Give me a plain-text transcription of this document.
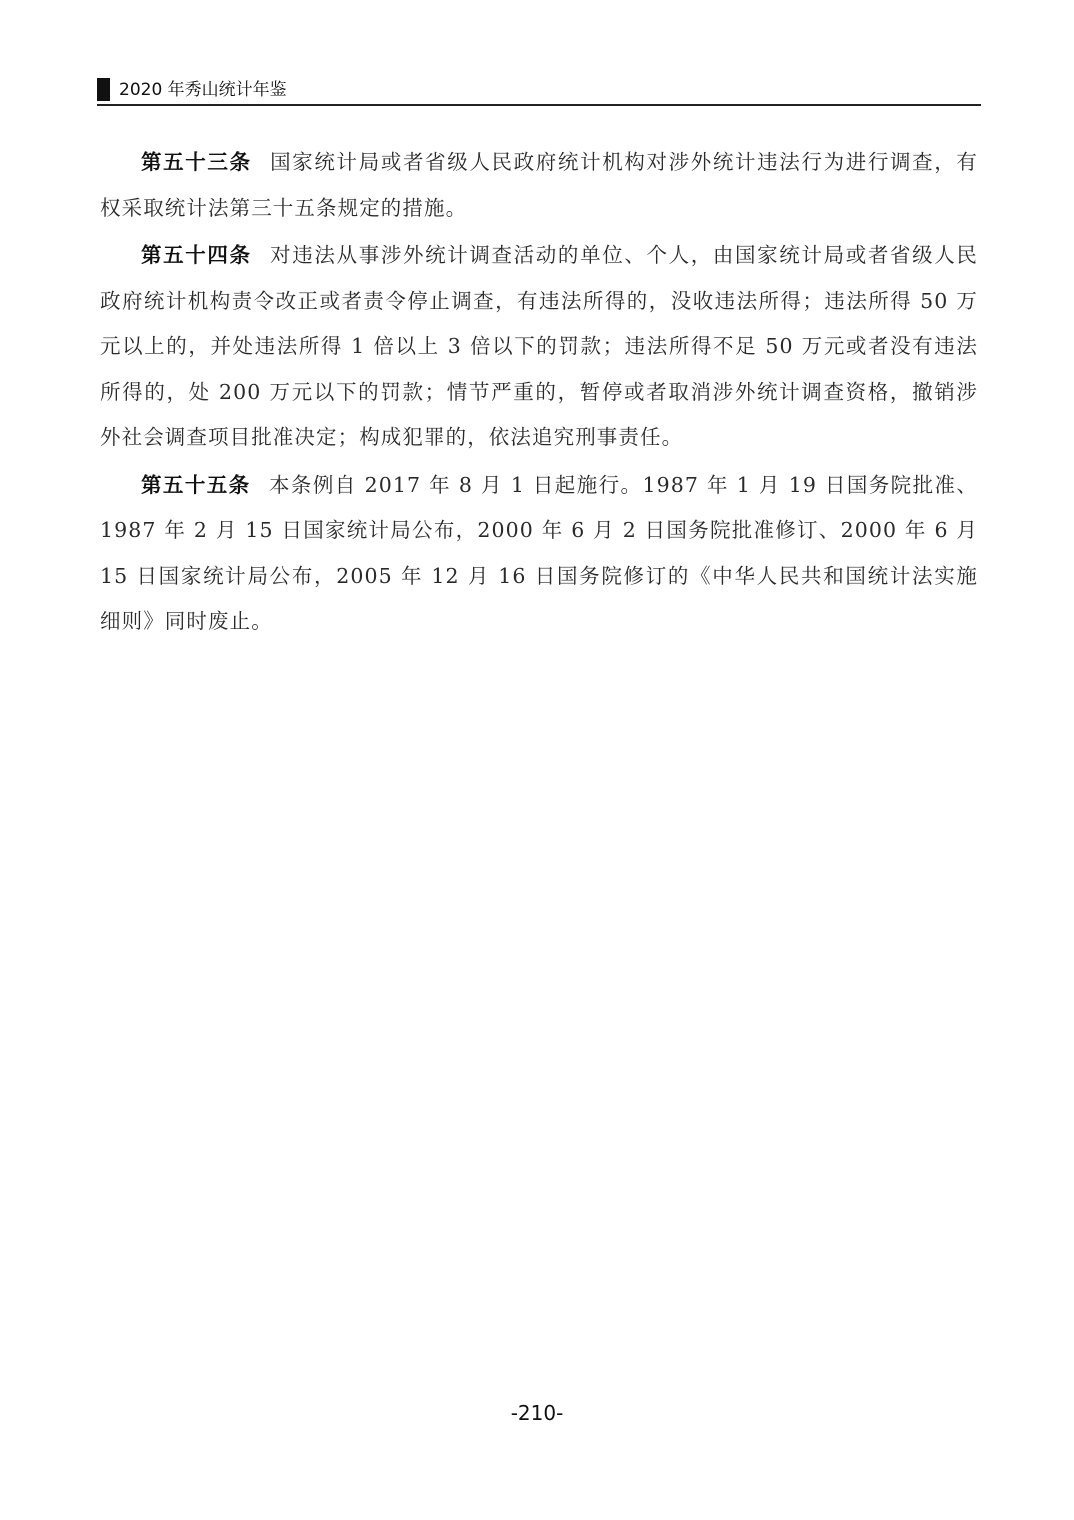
2020 年秀山统计年鉴

第五十三条 国家统计局或者省级人民政府统计机构对涉外统计违法行为进行调查，有权采取统计法第三十五条规定的措施。

第五十四条 对违法从事涉外统计调查活动的单位、个人，由国家统计局或者省级人民政府统计机构责令改正或者责令停止调查，有违法所得的，没收违法所得；违法所得 50 万元以上的，并处违法所得 1 倍以上 3 倍以下的罚款；违法所得不足 50 万元或者没有违法所得的，处 200 万元以下的罚款；情节严重的，暂停或者取消涉外统计调查资格，撤销涉外社会调查项目批准决定；构成犯罪的，依法追究刑事责任。

第五十五条 本条例自 2017 年 8 月 1 日起施行。1987 年 1 月 19 日国务院批准、1987 年 2 月 15 日国家统计局公布，2000 年 6 月 2 日国务院批准修订、2000 年 6 月 15 日国家统计局公布，2005 年 12 月 16 日国务院修订的《中华人民共和国统计法实施细则》同时废止。

-210-
